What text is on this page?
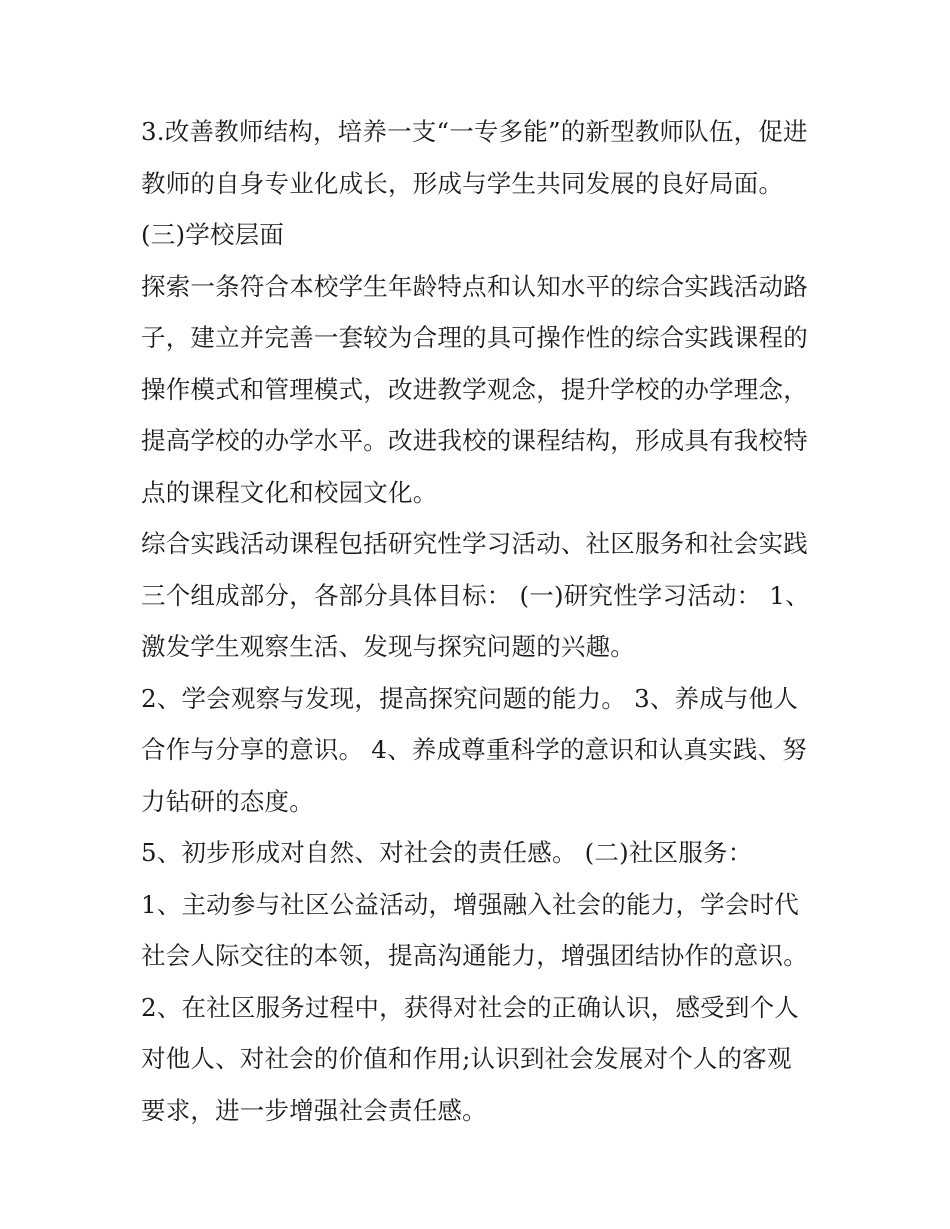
3.改善教师结构，培养一支“一专多能”的新型教师队伍，促进
教师的自身专业化成长，形成与学生共同发展的良好局面。
(三)学校层面
探索一条符合本校学生年龄特点和认知水平的综合实践活动路
子，建立并完善一套较为合理的具可操作性的综合实践课程的
操作模式和管理模式，改进教学观念，提升学校的办学理念，
提高学校的办学水平。改进我校的课程结构，形成具有我校特
点的课程文化和校园文化。
综合实践活动课程包括研究性学习活动、社区服务和社会实践
三个组成部分，各部分具体目标： (一)研究性学习活动： 1、
激发学生观察生活、发现与探究问题的兴趣。
2、学会观察与发现，提高探究问题的能力。 3、养成与他人
合作与分享的意识。 4、养成尊重科学的意识和认真实践、努
力钻研的态度。
5、初步形成对自然、对社会的责任感。 (二)社区服务：
1、主动参与社区公益活动，增强融入社会的能力，学会时代
社会人际交往的本领，提高沟通能力，增强团结协作的意识。
2、在社区服务过程中，获得对社会的正确认识，感受到个人
对他人、对社会的价值和作用;认识到社会发展对个人的客观
要求，进一步增强社会责任感。
